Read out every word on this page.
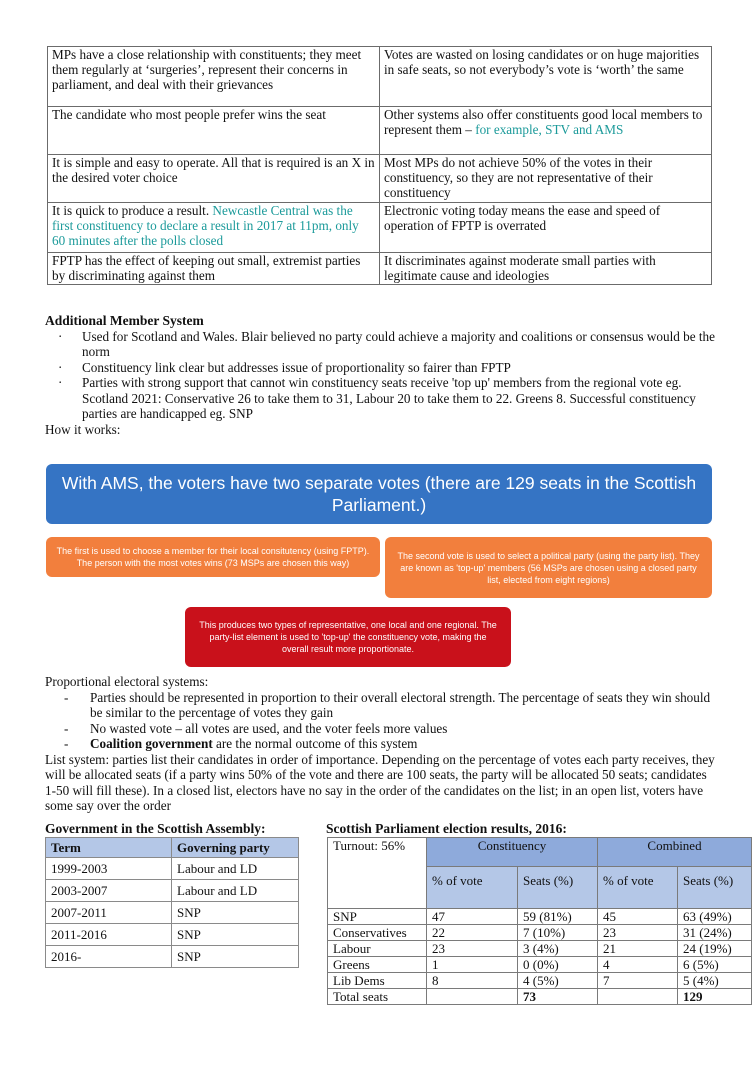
MPs have a close relationship with constituents; they meet them regularly at ‘surgeries’, represent their concerns in parliament, and deal with their grievances	Votes are wasted on losing candidates or on huge majorities in safe seats, so not everybody’s vote is ‘worth’ the same
The candidate who most people prefer wins the seat	Other systems also offer constituents good local members to represent them – for example, STV and AMS
It is simple and easy to operate. All that is required is an X in the desired voter choice	Most MPs do not achieve 50% of the votes in their constituency, so they are not representative of their constituency
It is quick to produce a result. Newcastle Central was the first constituency to declare a result in 2017 at 11pm, only 60 minutes after the polls closed	Electronic voting today means the ease and speed of operation of FPTP is overrated
FPTP has the effect of keeping out small, extremist parties by discriminating against them	It discriminates against moderate small parties with legitimate cause and ideologies
Additional Member System
· Used for Scotland and Wales. Blair believed no party could achieve a majority and coalitions or consensus would be the norm
· Constituency link clear but addresses issue of proportionality so fairer than FPTP
· Parties with strong support that cannot win constituency seats receive 'top up' members from the regional vote eg. Scotland 2021: Conservative 26 to take them to 31, Labour 20 to take them to 22. Greens 8. Successful constituency parties are handicapped eg. SNP
How it works:
With AMS, the voters have two separate votes (there are 129 seats in the Scottish Parliament.)
The first is used to choose a member for their local consitutency (using FPTP). The person with the most votes wins (73 MSPs are chosen this way)
The second vote is used to select a political party (using the party list). They are known as 'top-up' members (56 MSPs are chosen using a closed party list, elected from eight regions)
This produces two types of representative, one local and one regional. The party-list element is used to 'top-up' the constituency vote, making the overall result more proportionate.

Proportional electoral systems:

- Parties should be represented in proportion to their overall electoral strength. The percentage of seats they win should be similar to the percentage of votes they gain
- No wasted vote – all votes are used, and the voter feels more values
- Coalition government are the normal outcome of this system

List system: parties list their candidates in order of importance. Depending on the percentage of votes each party receives, they will be allocated seats (if a party wins 50% of the vote and there are 100 seats, the party will be allocated 50 seats; candidates 1-50 will fill these). In a closed list, electors have no say in the order of the candidates on the list; in an open list, voters have some say over the order

Government in the Scottish Assembly:	Scottish Parliament election results, 2016:
Term	Governing party
1999-2003	Labour and LD
2003-2007	Labour and LD
2007-2011	SNP
2011-2016	SNP
2016-	SNP
Turnout: 56%	Constituency		Combined	
	% of vote	Seats (%)	% of vote	Seats (%)
SNP	47	59 (81%)	45	63 (49%)
Conservatives	22	7 (10%)	23	31 (24%)
Labour	23	3 (4%)	21	24 (19%)
Greens	1	0 (0%)	4	6 (5%)
Lib Dems	8	4 (5%)	7	5 (4%)
Total seats		73		129
